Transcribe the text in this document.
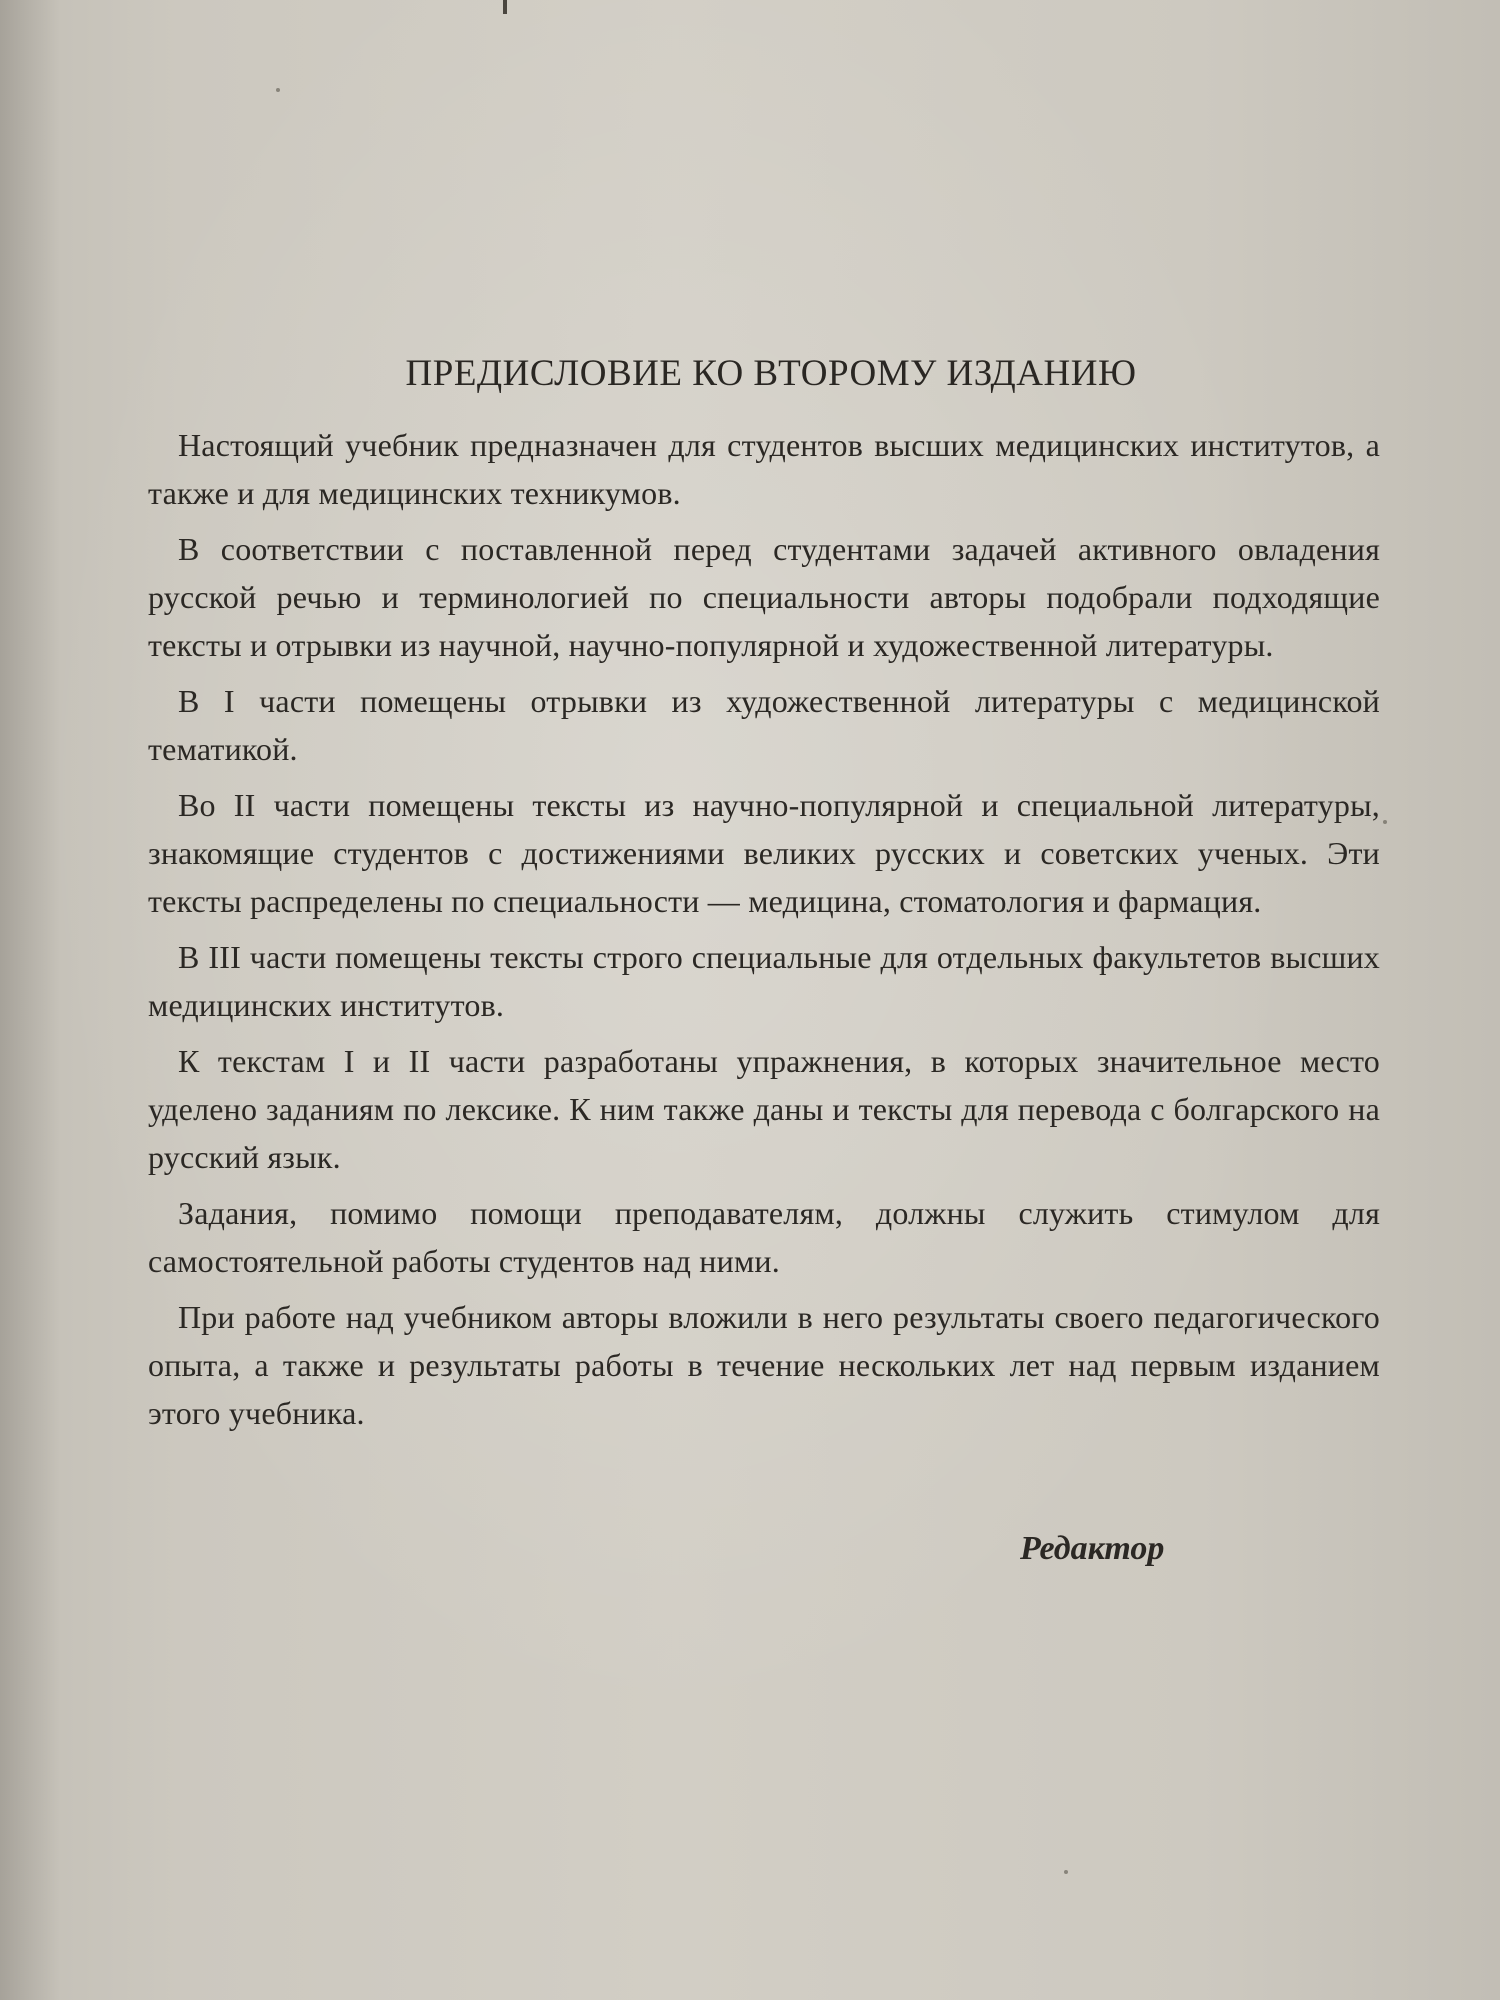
ПРЕДИСЛОВИЕ КО ВТОРОМУ ИЗДАНИЮ

Настоящий учебник предназначен для студентов высших медицинских институтов, а также и для медицинских техникумов.

В соответствии с поставленной перед студентами задачей активного овладения русской речью и терминологией по специальности авторы подобрали подходящие тексты и отрывки из научной, научно-популярной и художественной литературы.

В I части помещены отрывки из художественной литературы с медицинской тематикой.

Во II части помещены тексты из научно-популярной и специальной литературы, знакомящие студентов с достижениями великих русских и советских ученых. Эти тексты распределены по специальности — медицина, стоматология и фармация.

В III части помещены тексты строго специальные для отдельных факультетов высших медицинских институтов.

К текстам I и II части разработаны упражнения, в которых значительное место уделено заданиям по лексике. К ним также даны и тексты для перевода с болгарского на русский язык.

Задания, помимо помощи преподавателям, должны служить стимулом для самостоятельной работы студентов над ними.

При работе над учебником авторы вложили в него результаты своего педагогического опыта, а также и результаты работы в течение нескольких лет над первым изданием этого учебника.

Редактор
